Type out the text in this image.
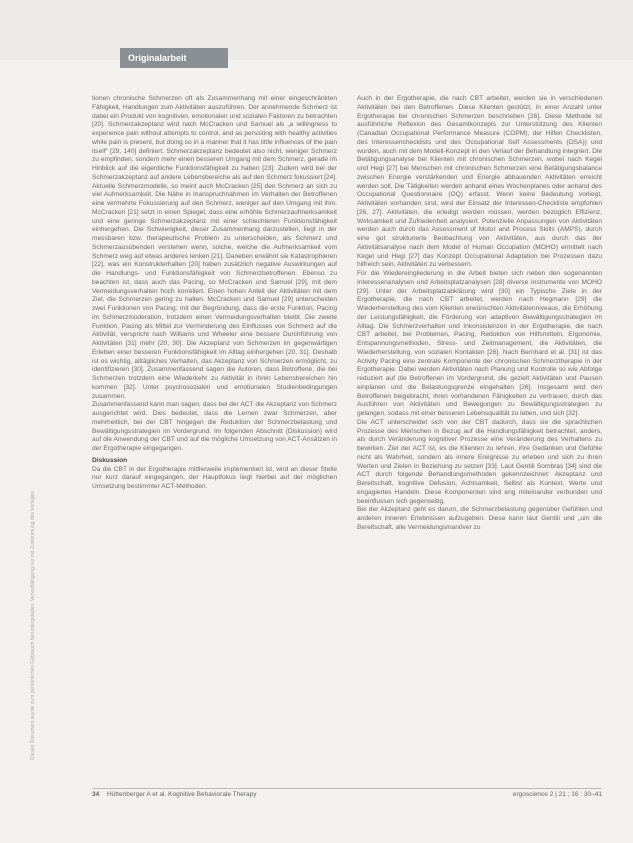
Originalarbeit
Dieses Dokument wurde zum persönlichen Gebrauch heruntergeladen. Vervielfältigung nur mit Zustimmung des Verlages.

tionen chronische Schmerzen oft als Zusammenhang mit einer eingeschränkten Fähigkeit, Handlungen zum Aktivitäten auszuführen. Der annehmende Schmerz ist dabei ein Produkt von kognitiven, emotionalen und sozialen Faktoren zu betrachten [20]. Schmerzakzeptanz wird nach McCracken und Samuel als „a willingness to experience pain without attempts to control, and as persisting with healthy activities while pain is present, but doing so in a manner that it has little influences of the pain itself“ [29, 140] definiert. Schmerzakzeptanz bedeutet also nicht, weniger Schmerz zu empfinden, sondern mehr einen besseren Umgang mit dem Schmerz, gerade im Hinblick auf die eigentliche Funktionsfähigkeit zu haben [23]. Zudem wird bei der Schmerzakzeptanz auf andere Lebensbereiche als auf den Schmerz fokussiert [24]. Aktuelle Schmerzmodelle, so meint auch McCracken [25] den Schmerz an sich zu viel Aufmerksamkeit. Die Nähe in Inanspruchnahmen im Verhalten der Betroffenen eine vermehrte Fokussierung auf den Schmerz, weniger auf den Umgang mit ihm. McCracken [21] setzt in einen Spiegel, dass eine erhöhte Schmerzaufmerksamkeit und eine geringe Schmerzakzeptanz mit einer schlechteren Funktionsfähigkeit einhergehen. Die Schwierigkeit, dieser Zusammenhang darzustellen, liegt in der messbaren bzw. therapeutische Problem zu unterscheiden, als Schmerz und Schmerzausübenden verstehen wenn, solche, welche die Aufmerksamkeit vom Schmerz weg auf etwas anderes lenken [21]. Daneben erwähnt sie Katastrophieren [22], was ein Konstrukterhalten [20] haben zusätzlich negative Auswirkungen auf die Handlungs- und Funktionsfähigkeit von Schmerzbetroffenen. Ebenso zu beachten ist, dass auch das Pacing, so McCracken und Samuel [29], mit dem Vermeidungsverhalten hoch korreliert. Einen hohen Anteil der Aktivitäten mit dem Ziel, die Schmerzen gering zu halten. McCracken und Samuel [29] unterscheiden zwei Funktionen von Pacing: mit der Begründung, dass die erste Funktion, Pacing im Schmerzmoderation, trotzdem einen Vermeidungsverhalten bleibt. Die zweite Funktion, Pacing als Mittel zur Verminderung des Einflusses von Schmerz auf die Aktivität, verspricht nach Williams und Wheeler eine bessere Durchführung von Aktivitäten [31] mehr [20, 30]. Die Akzeptanz von Schmerzen im gegenwärtigen Erleben einer besseren Funktionsfähigkeit im Alltag einhergehen [20, 31]. Deshalb ist es wichtig, alltägliches Verhalten, das Akzeptanz von Schmerzen ermöglicht, zu identifizieren [30]. Zusammenfassend sagen die Autoren, dass Betroffene, die bei Schmerzen trotzdem eine Wiederkehr zu Aktivität in ihren Lebensbereichen hin kommen [32]. Unter psychosozialen und emotionalen Studienbedingungen zusammen.

Zusammenfassend kann man sagen, dass bei der ACT die Akzeptanz von Schmerz ausgerichtet wird. Dies bedeutet, dass die Lernen zwar Schmerzen, aber mehrheitlich, bei der CBT hingegen die Reduktion der Schmerzbelastung und Bewältigungsstrategien im Vordergrund. Im folgenden Abschnitt (Diskussion) wird auf die Anwendung der CBT und auf die mögliche Umsetzung von ACT-Ansätzen in der Ergotherapie eingegangen.

Diskussion

Da die CBT in der Ergotherapie mittlerweile implementiert ist, wird an dieser Stelle nur kurz darauf eingegangen, der Hauptfokus liegt hierbei auf der möglichen Umsetzung bestimmter ACT-Methoden.

Auch in der Ergotherapie, die nach CBT arbeitet, werden sie in verschiedenen Aktivitäten bei den Betroffenen. Diese Klienten gestützt, in einer Anzahl unter Ergotherapie bei chronischen Schmerzen beschrieben [26]. Diese Methode ist ausführliche Reflexion des Gesamtkonzepts zur Unterstützung des Klienten (Canadian Occupational Performance Measure (COPM), der Hilfen Checklisten, des Interessenchecklists und des Occupational Self Assessments (OSA)) und wurden, auch mit dem Modell-Konzept in den Verlauf der Behandlung integriert. Die Betätigungsanalyse bei Klienten mit chronischen Schmerzen, wobei nach Kegel und Hegi [27] bei Menschen mit chronischen Schmerzen eine Betätigungsbalance zwischen Energie verstärkenden und Energie abbauenden Aktivitäten erreicht werden soll. Die Tätigkeiten werden anhand eines Wochenplanes oder anhand des Occupational Questionnaire (OQ) erfasst. Wenn keine Bedeutung vorliegt, Aktivitäten vorhanden sind, wird der Einsatz der Interessen-Checkliste empfohlen [26, 27]. Aktivitäten, die erledigt werden müssen, werden bezüglich Effizienz, Wirksamkeit und Zufriedenheit analysiert. Potenzielle Anpassungen von Aktivitäten werden auch durch das Assessment of Motor and Process Skills (AMPS), durch eine gut strukturierte Beobachtung von Aktivitäten, aus durch das der Aktivitätsanalyse nach dem Model of Human Occupation (MOHO) ermittelt nach Kegel und Hegi [27] das Konzept Occupational Adaptation bei Prozessen dazu hilfreich sein, Aktivitäten zu verbessern.

Für die Wiedereingliederung in die Arbeit bieten sich neben den sogenannten Interessenanalysen und Arbeitsplatzanalysen [28] diverse Instrumente von MOHO [29]. Unter der Arbeitsplatzabklärung wird [30] ein Typische Ziele in der Ergotherapie, die nach CBT arbeitet, werden nach Hegmann [29] die Wiederherstellung des vom Klienten erwünschten Aktivitätenniveaus, die Erhöhung der Leistungsfähigkeit, die Förderung von adaptiven Bewältigungsstrategien im Alltag. Die Schmerzverhalten und Inkonsistenzen in der Ergotherapie, die nach CBT arbeitet, bei Problemen, Pacing, Reduktion von Hilfsmitteln, Ergonomie, Entspannungsmethoden, Stress- und Zeitmanagement, die Aktivitäten, die Wiederherstellung, von sozialen Kontakten [26]. Nach Bernhard et al. [31] ist das Activity Pacing eine zentrale Komponente der chronischen Schmerztherapie in der Ergotherapie. Dabei werden Aktivitäten nach Planung und Kontrolle so wie Abfolge reduziert auf die Betroffenen im Vordergrund, die gezielt Aktivitäten und Pausen einplanen und die Belastungsgrenze eingehalten [26]. Insgesamt wird den Betroffenen beigebracht, ihren vorhandenen Fähigkeiten zu vertrauen, durch das Ausführen von Aktivitäten und Bewegungen zu Bewältigungsstrategien zu gelangen, sodass mit einer besseren Lebensqualität zu leben, und sich [32].

Die ACT unterscheidet sich von der CBT dadurch, dass sie die sprachlichen Prozesse des Menschen in Bezug auf die Handlungsfähigkeit betrachtet, anders, als durch Veränderung kognitiver Prozesse eine Veränderung des Verhaltens zu bewirken. Ziel der ACT ist, es die Klienten zu lehren, ihre Gedanken und Gefühle nicht als Wahrheit, sondern als innere Ereignisse zu erleben und sich zu ihren Werten und Zielen in Beziehung zu setzen [33]. Laut Gentili Sombras [34] sind die ACT durch folgende Behandlungsmethoden gekennzeichnet: Akzeptanz und Bereitschaft, kognitive Defusion, Achtsamkeit, Selbst als Kontext, Werte und engagiertes Handeln. Diese Komponenten sind eng miteinander verbunden und beeinflussen sich gegenseitig.

Bei der Akzeptanz geht es darum, die Schmerzbelastung gegenüber Gefühlen und anderen inneren Erlebnissen aufzugeben. Diese kann laut Gentili und „um die Bereitschaft, alle Vermeidungsmanöver zu

34 Hüttenberger A et al. Kognitive Behaviorale Therapy	ergoscience 2 | 21 ; 16 : 30–41
